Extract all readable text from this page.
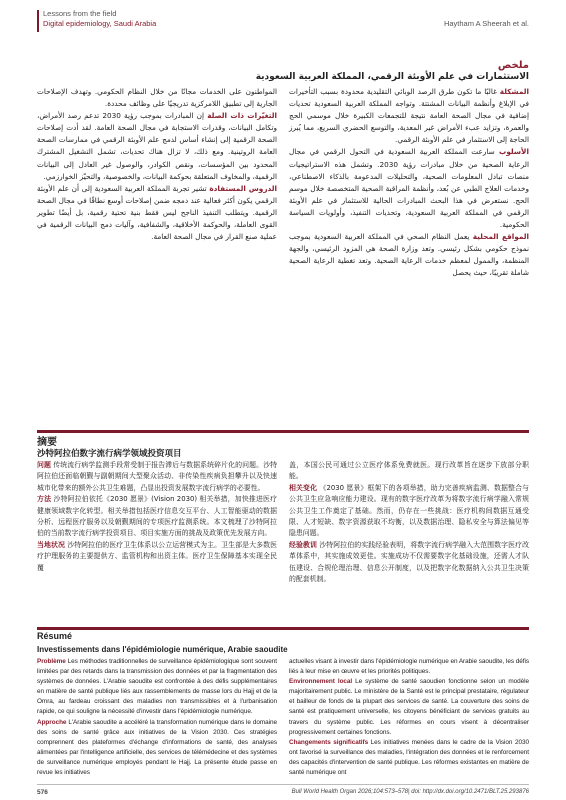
Lessons from the field
Digital epidemiology, Saudi Arabia	Haytham A Sheerah et al.
ملخص
الاستثمارات في علم الأوبئة الرقمي، المملكة العربية السعودية

المشكلة غالبًا ما تكون طرق الرصد الوبائي التقليدية محدودة بسبب التأخيرات في الإبلاغ وأنظمة البيانات المشتتة. وتواجه المملكة العربية السعودية تحديات إضافية في مجال الصحة العامة نتيجة للتجمعات الكبيرة خلال موسمي الحج والعمرة، وتزايد عبء الأمراض غير المعدية، والتوسع الحضري السريع، مما يُبرز الحاجة إلى الاستثمار في علم الأوبئة الرقمي.

الأسلوب سارعت المملكة العربية السعودية في التحول الرقمي في مجال الرعاية الصحية من خلال مبادرات رؤية 2030. وتشمل هذه الاستراتيجيات منصات تبادل المعلومات الصحية، والتحليلات المدعومة بالذكاء الاصطناعي، وخدمات العلاج الطبي عن بُعد، وأنظمة المراقبة الصحية المتخصصة خلال موسم الحج. نستعرض في هذا البحث المبادرات الحالية للاستثمار في علم الأوبئة الرقمي في المملكة العربية السعودية، وتحديات التنفيذ، وأولويات السياسة الحكومية.

المواقع المحلية يعمل النظام الصحي في المملكة العربية السعودية بموجب نموذج حكومي بشكل رئيسي. وتعد وزارة الصحة هي المزود الرئيسي، والجهة المنظمة، والممول لمعظم خدمات الرعاية الصحية. وتعد تغطية الرعاية الصحية شاملة تقريبًا، حيث يحصل

المواطنون على الخدمات مجانًا من خلال النظام الحكومي. وتهدف الإصلاحات الجارية إلى تطبيق اللامركزية تدريجيًا على وظائف محددة.

التغيّرات ذات الصلة إن المبادرات بموجب رؤية 2030 تدعم رصد الأمراض، وتكامل البيانات، وقدرات الاستجابة في مجال الصحة العامة. لقد أدت إصلاحات الصحة الرقمية إلى إنشاء أساس لدمج علم الأوبئة الرقمي في ممارسات الصحة العامة الروتينية. ومع ذلك، لا تزال هناك تحديات، تشمل التشغيل المشترك المحدود بين المؤسسات، ونقص الكوادر، والوصول غير العادل إلى البيانات الرقمية، والمخاوف المتعلقة بحوكمة البيانات، والخصوصية، والتحيّز الخوارزمي.

الدروس المستفادة تشير تجربة المملكة العربية السعودية إلى أن علم الأوبئة الرقمي يكون أكثر فعالية عند دمجه ضمن إصلاحات أوسع نطاقًا في مجال الصحة الرقمية. ويتطلب التنفيذ الناجح ليس فقط بنية تحتية رقمية، بل أيضًا تطوير القوى العاملة، والحوكمة الأخلاقية، والشفافية، وآليات دمج البيانات الرقمية في عملية صنع القرار في مجال الصحة العامة.

摘要
沙特阿拉伯数字流行病学领域投资项目

问题 传统流行病学监测手段常受制于报告滞后与数据系统碎片化的问题。沙特阿拉伯还面临朝觐与副朝期间大型聚众活动、非传染性疾病负担攀升以及快速城市化带来的额外公共卫生难题，凸显出投资发展数字流行病学的必要性。

方法 沙特阿拉伯依托《2030 愿景》(Vision 2030) 相关举措，加快推进医疗健康领域数字化转型。相关举措包括医疗信息交互平台、人工智能驱动的数据分析、远程医疗服务以及朝觐期间的专项医疗监测系统。本文梳理了沙特阿拉伯的当前数字流行病学投资项目、项目实施方面的挑战及政策优先发展方向。

当地状况 沙特阿拉伯的医疗卫生体系以公立运营模式为主。卫生部是大多数医疗护理服务的主要提供方、监管机构和出资主体。医疗卫生保障基本实现全民覆

盖，本国公民可通过公立医疗体系免费就医。现行改革旨在逐步下放部分职能。

相关变化 《2030 愿景》框架下的各项举措，助力完善疾病监测、数据整合与公共卫生应急响应能力建设。现有的数字医疗改革为将数字流行病学融入常规公共卫生工作奠定了基础。然而，仍存在一些挑战：医疗机构间数据互通受限、人才短缺、数字资源获取不均衡，以及数据治理、隐私安全与算法偏见等隐患问题。

经验教训 沙特阿拉伯的实践经验表明，将数字流行病学融入大范围数字医疗改革体系中，其实施成效更佳。实施成功不仅需要数字化基础设施，还需人才队伍建设、合规伦理治理、信息公开制度，以及把数字化数据纳入公共卫生决策的配套机制。

Résumé
Investissements dans l'épidémiologie numérique, Arabie saoudite

Problème Les méthodes traditionnelles de surveillance épidémiologique sont souvent limitées par des retards dans la transmission des données et par la fragmentation des systèmes de données. L'Arabie saoudite est confrontée à des défis supplémentaires en matière de santé publique liés aux rassemblements de masse lors du Hajj et de la Omra, au fardeau croissant des maladies non transmissibles et à l'urbanisation rapide, ce qui souligne la nécessité d'investir dans l'épidémiologie numérique.

Approche L'Arabie saoudite a accéléré la transformation numérique dans le domaine des soins de santé grâce aux initiatives de la Vision 2030. Ces stratégies comprennent des plateformes d'échange d'informations de santé, des analyses alimentées par l'intelligence artificielle, des services de télémédecine et des systèmes de surveillance numérique employés pendant le Hajj. La présente étude passe en revue les initiatives

actuelles visant à investir dans l'épidémiologie numérique en Arabie saoudite, les défis liés à leur mise en œuvre et les priorités politiques.

Environnement local Le système de santé saoudien fonctionne selon un modèle majoritairement public. Le ministère de la Santé est le principal prestataire, régulateur et bailleur de fonds de la plupart des services de santé. La couverture des soins de santé est pratiquement universelle, les citoyens bénéficiant de services gratuits au travers du système public. Les réformes en cours visent à décentraliser progressivement certaines fonctions.

Changements significatifs Les initiatives menées dans le cadre de la Vision 2030 ont favorisé la surveillance des maladies, l'intégration des données et le renforcement des capacités d'intervention de santé publique. Les réformes existantes en matière de santé numérique ont

576	Bull World Health Organ 2026;104:573–578| doi: http://dx.doi.org/10.2471/BLT.25.293876
